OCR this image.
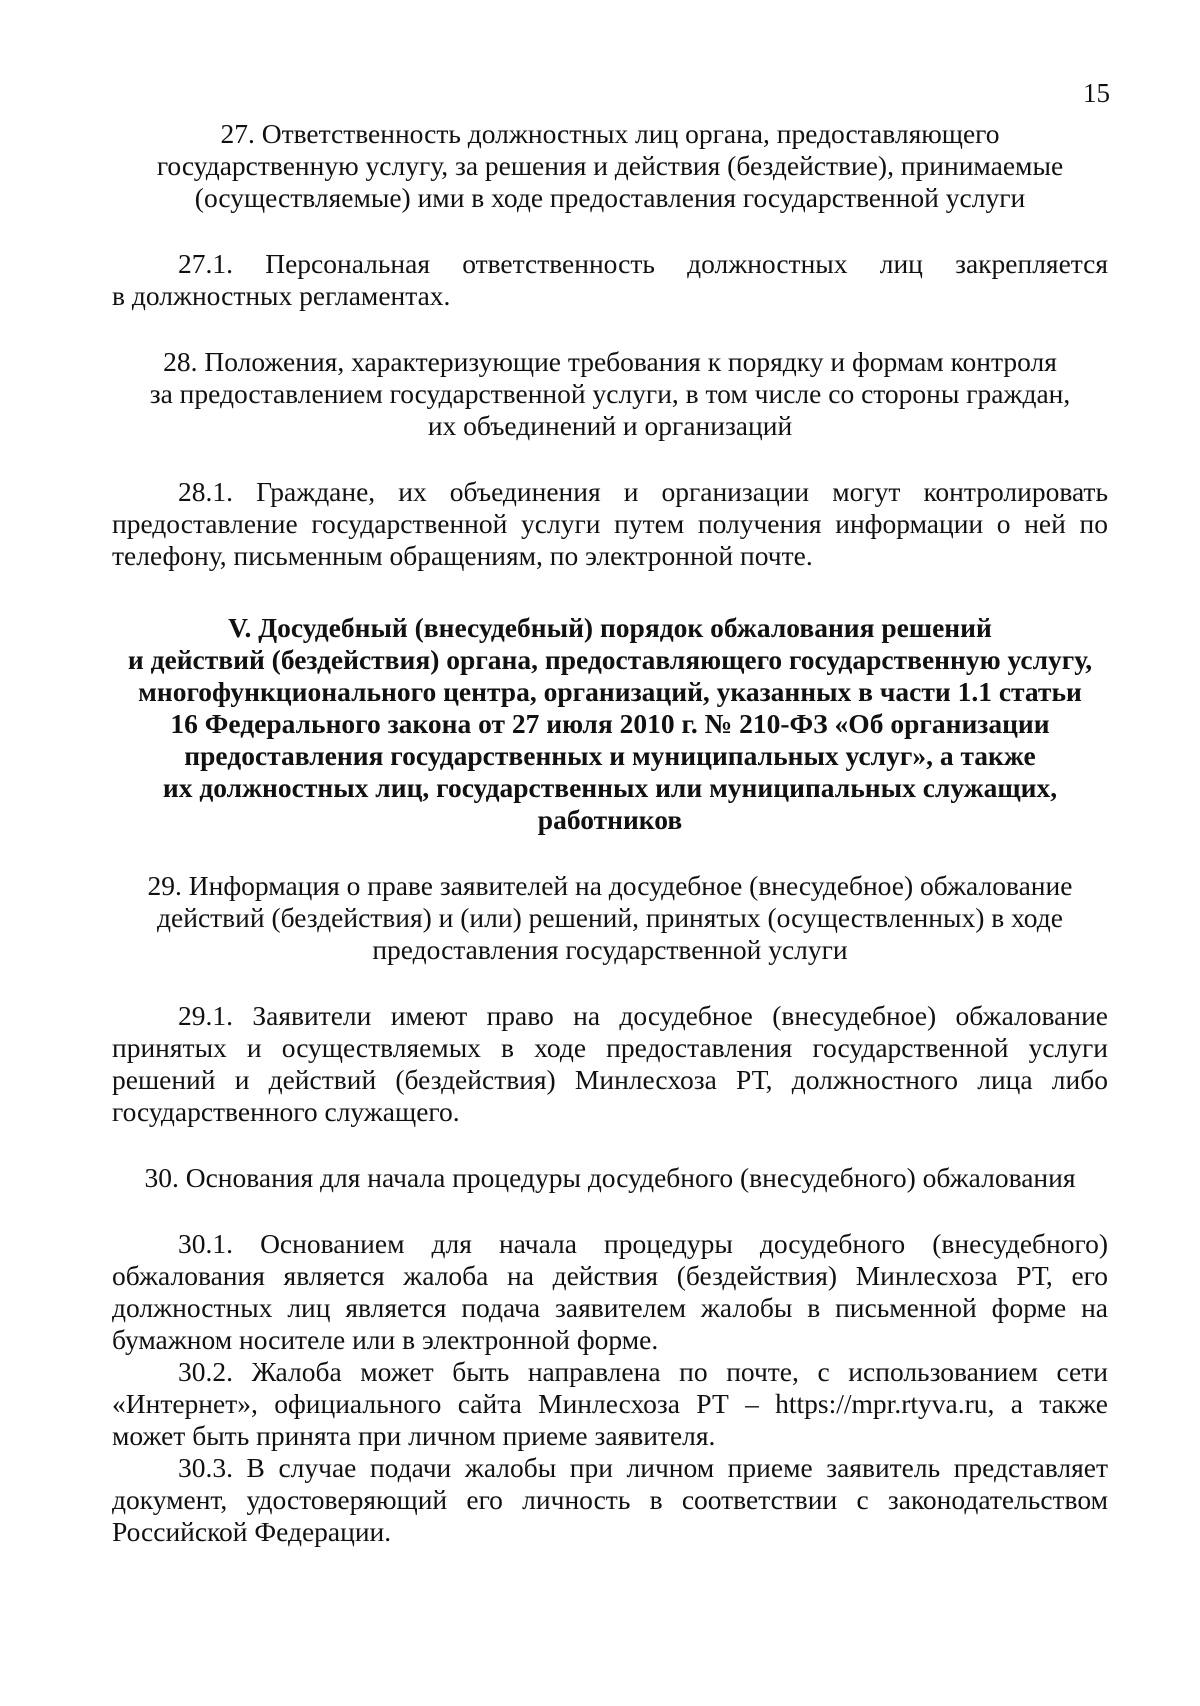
15
27. Ответственность должностных лиц органа, предоставляющего
государственную услугу, за решения и действия (бездействие), принимаемые
(осуществляемые) ими в ходе предоставления государственной услуги
27.1. Персональная ответственность должностных лиц закрепляется
в должностных регламентах.
28. Положения, характеризующие требования к порядку и формам контроля
за предоставлением государственной услуги, в том числе со стороны граждан,
их объединений и организаций

28.1. Граждане, их объединения и организации могут контролировать предоставление государственной услуги путем получения информации о ней по телефону, письменным обращениям, по электронной почте.

V. Досудебный (внесудебный) порядок обжалования решений
и действий (бездействия) органа, предоставляющего государственную услугу,
многофункционального центра, организаций, указанных в части 1.1 статьи
16 Федерального закона от 27 июля 2010 г. № 210-ФЗ «Об организации
предоставления государственных и муниципальных услуг», а также
их должностных лиц, государственных или муниципальных служащих,
работников
29. Информация о праве заявителей на досудебное (внесудебное) обжалование
действий (бездействия) и (или) решений, принятых (осуществленных) в ходе
предоставления государственной услуги

29.1. Заявители имеют право на досудебное (внесудебное) обжалование принятых и осуществляемых в ходе предоставления государственной услуги решений и действий (бездействия) Минлесхоза РТ, должностного лица либо государственного служащего.

30. Основания для начала процедуры досудебного (внесудебного) обжалования

30.1. Основанием для начала процедуры досудебного (внесудебного) обжалования является жалоба на действия (бездействия) Минлесхоза РТ, его должностных лиц является подача заявителем жалобы в письменной форме на бумажном носителе или в электронной форме.

30.2. Жалоба может быть направлена по почте, с использованием сети «Интернет», официального сайта Минлесхоза РТ – https://mpr.rtyva.ru, а также может быть принята при личном приеме заявителя.

30.3. В случае подачи жалобы при личном приеме заявитель представляет документ, удостоверяющий его личность в соответствии с законодательством Российской Федерации.
